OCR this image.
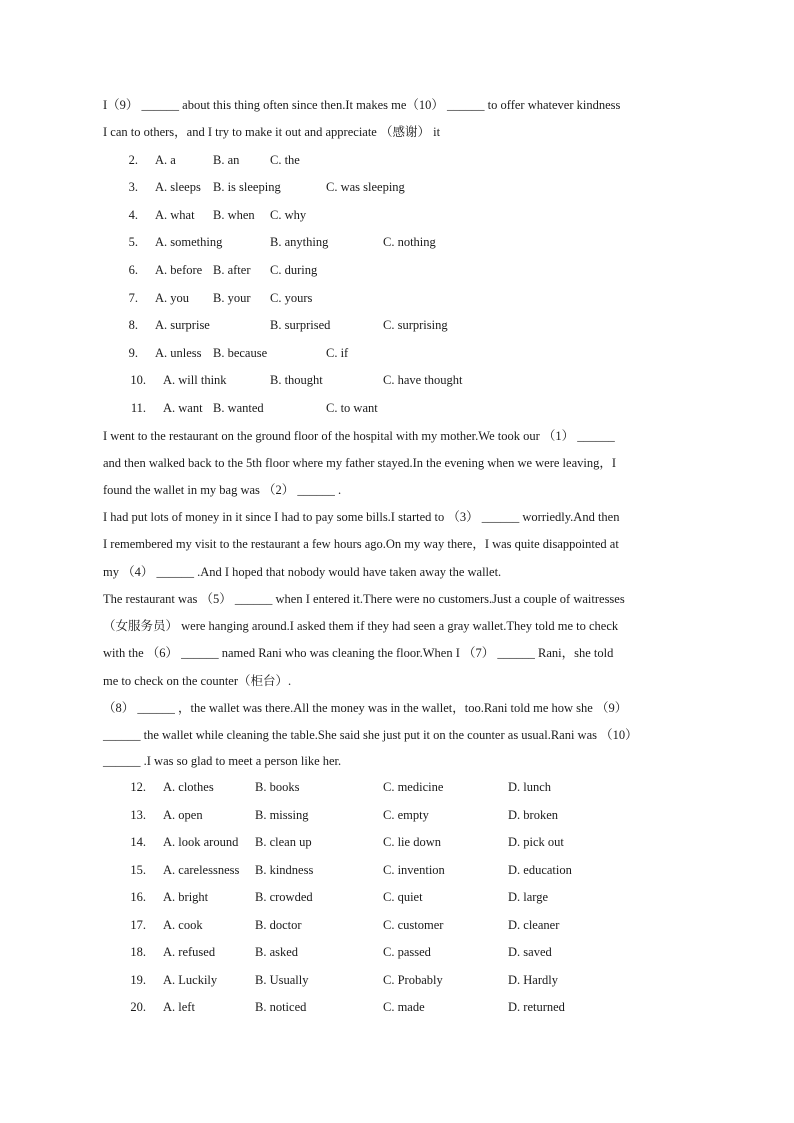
I（9） ______ about this thing often since then.It makes me（10） ______ to offer whatever kindness
I can to others，and I try to make it out and appreciate （感谢） it
2. A. a	B. an C. the
3. A. sleeps B. is sleeping	C. was sleeping
4. A. what B. when C. why
5. A. something	B. anything	C. nothing
6. A. before B. after C. during
7. A. you B. your C. yours
8. A. surprise	B. surprised	C. surprising
9. A. unless B. because	C. if
10. A. will think	B. thought	C. have thought
11. A. want B. wanted	C. to want
I went to the restaurant on the ground floor of the hospital with my mother.We took our （1） ______
and then walked back to the 5th floor where my father stayed.In the evening when we were leaving，I
found the wallet in my bag was （2） ______ .
I had put lots of money in it since I had to pay some bills.I started to （3） ______ worriedly.And then
I remembered my visit to the restaurant a few hours ago.On my way there，I was quite disappointed at
my （4） ______ .And I hoped that nobody would have taken away the wallet.
The restaurant was （5） ______ when I entered it.There were no customers.Just a couple of waitresses
（女服务员） were hanging around.I asked them if they had seen a gray wallet.They told me to check
with the （6） ______ named Rani who was cleaning the floor.When I （7） ______ Rani，she told
me to check on the counter（柜台）.
（8） ______ ，the wallet was there.All the money was in the wallet，too.Rani told me how she （9）
______ the wallet while cleaning the table.She said she just put it on the counter as usual.Rani was （10）
______ .I was so glad to meet a person like her.
12. A. clothes	B. books	C. medicine	D. lunch
13. A. open	B. missing	C. empty	D. broken
14. A. look around B. clean up	C. lie down	D. pick out
15. A. carelessness B. kindness	C. invention	D. education
16. A. bright	B. crowded	C. quiet	D. large
17. A. cook	B. doctor	C. customer	D. cleaner
18. A. refused	B. asked	C. passed	D. saved
19. A. Luckily	B. Usually	C. Probably	D. Hardly
20. A. left	B. noticed	C. made	D. returned
